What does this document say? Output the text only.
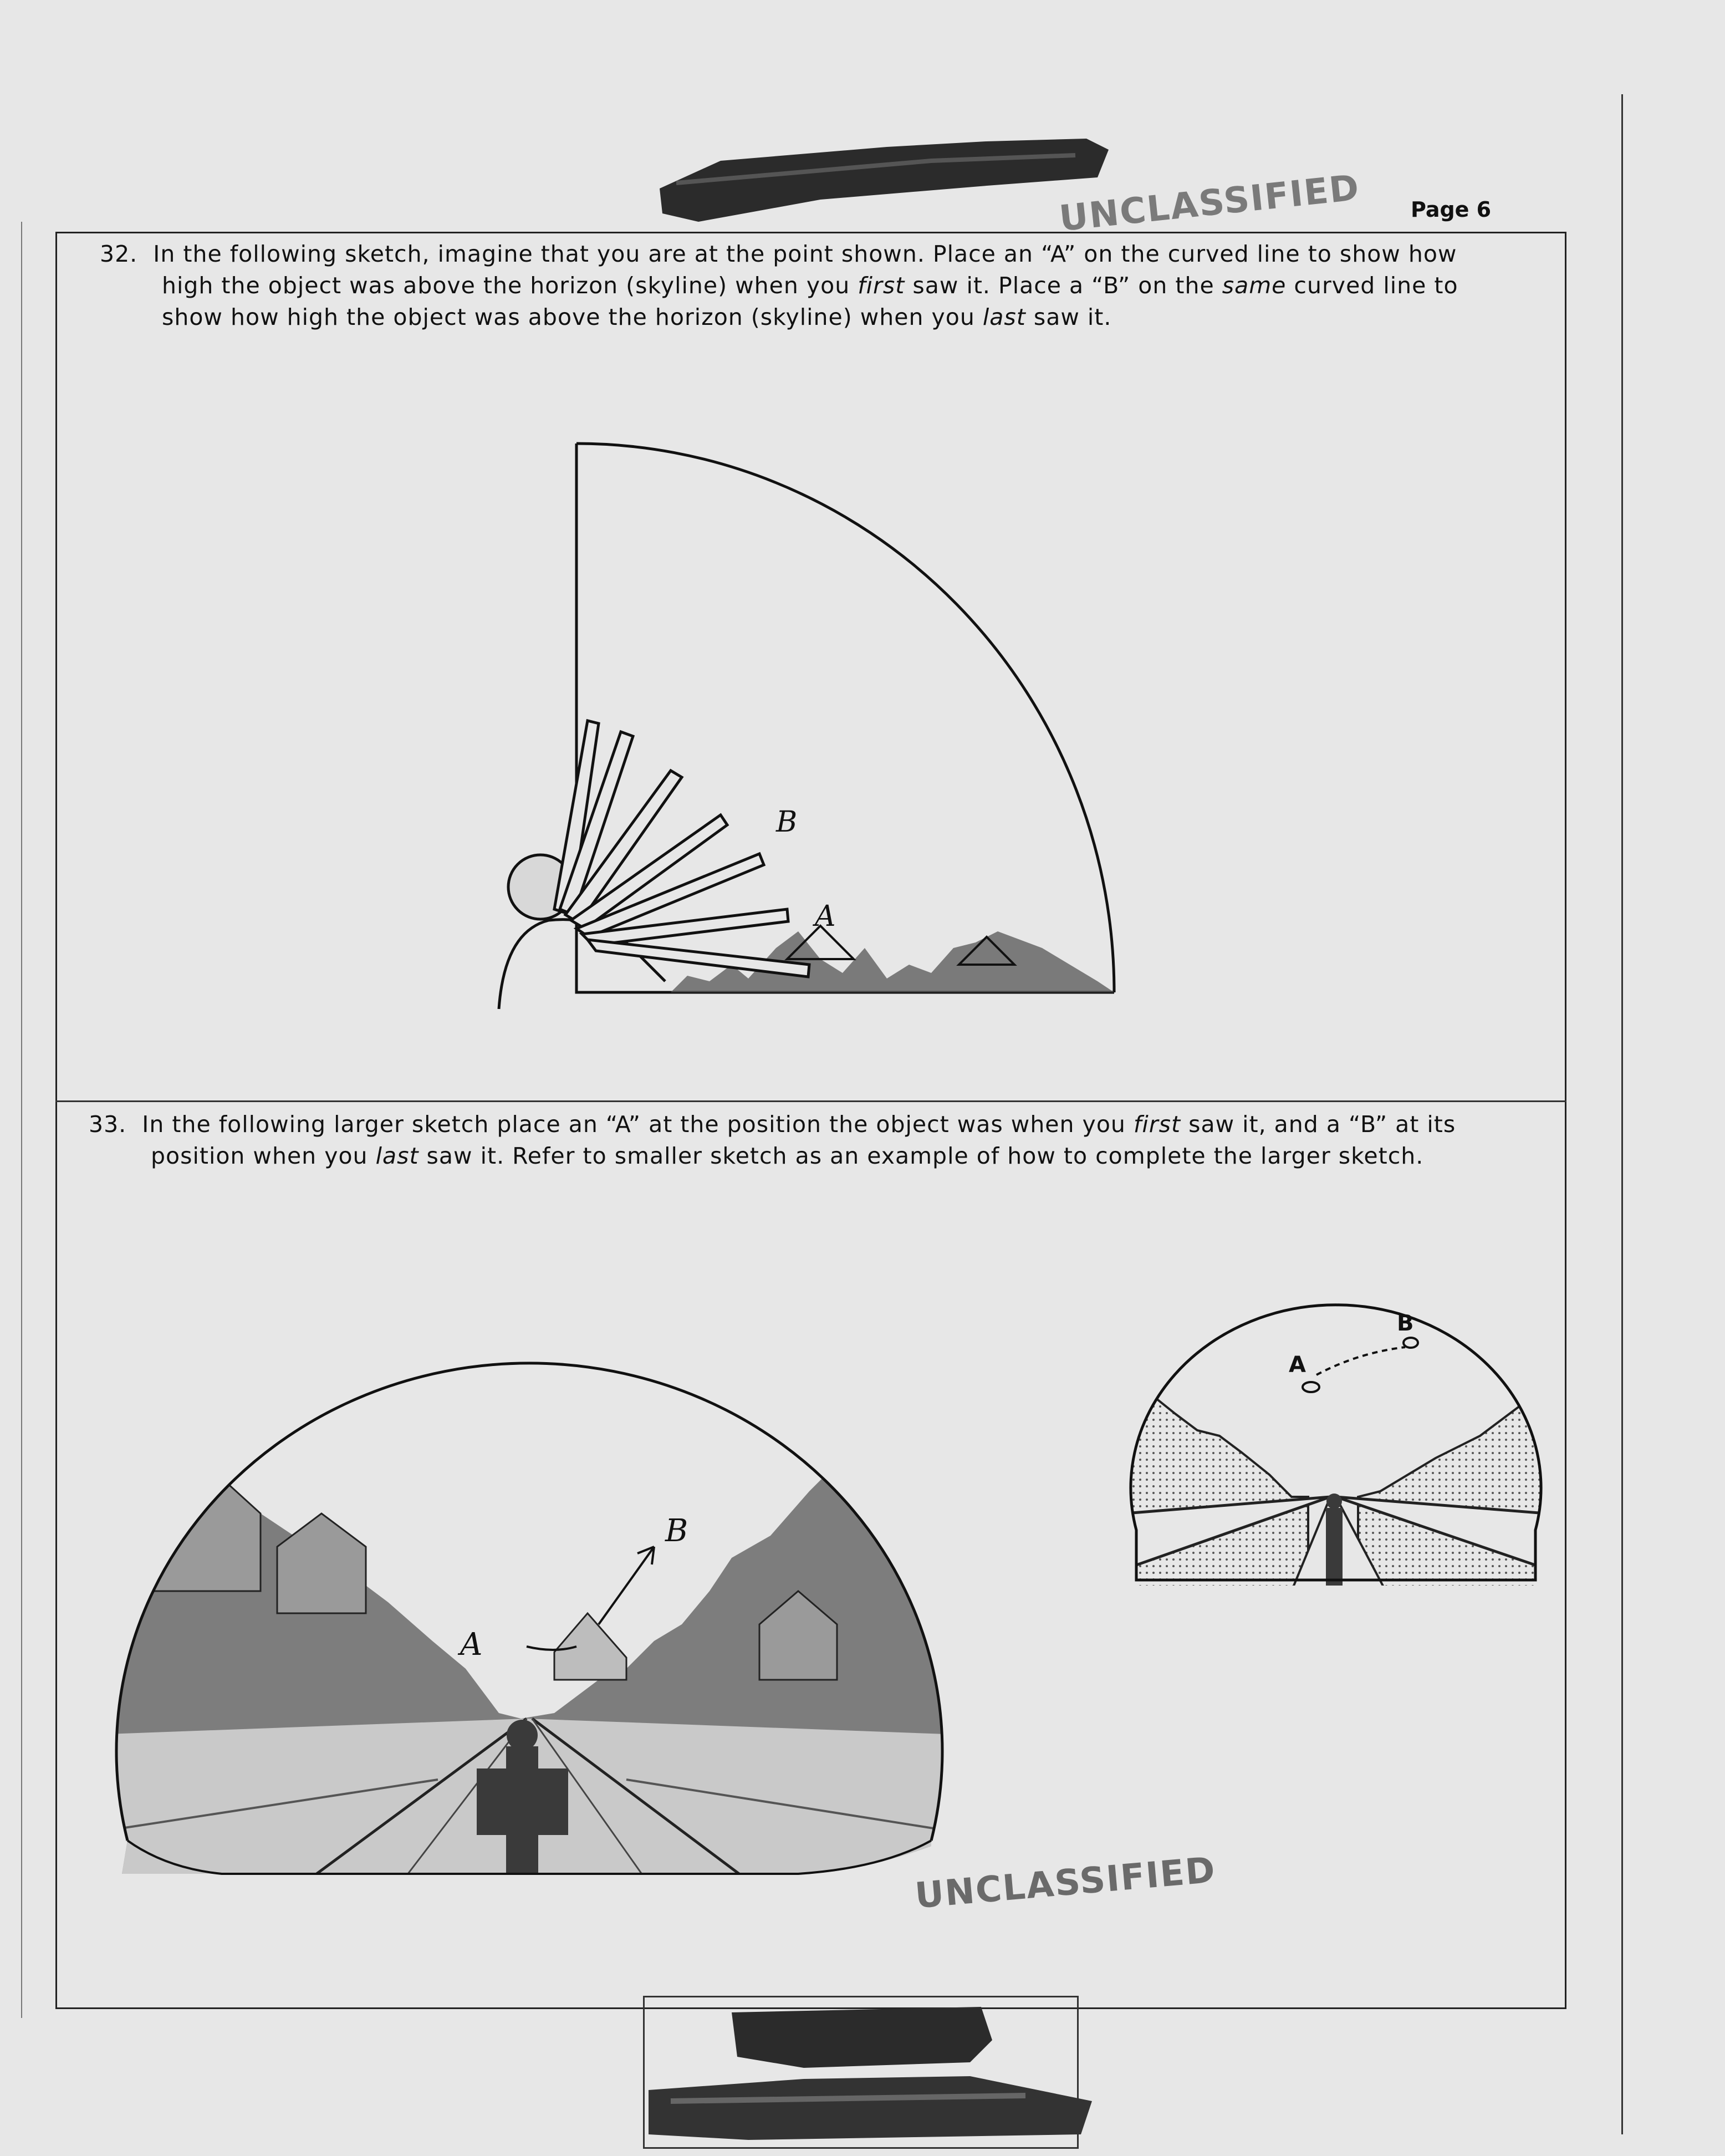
UNCLASSIFIED Page 6
32. In the following sketch, imagine that you are at the point shown. Place an “A” on the curved line to show how
high the object was above the horizon (skyline) when you first saw it. Place a “B” on the same curved line to
show how high the object was above the horizon (skyline) when you last saw it.
B
A
33. In the following larger sketch place an “A” at the position the object was when you first saw it, and a “B” at its
position when you last saw it. Refer to smaller sketch as an example of how to complete the larger sketch.
A
B
A
B
UNCLASSIFIED
